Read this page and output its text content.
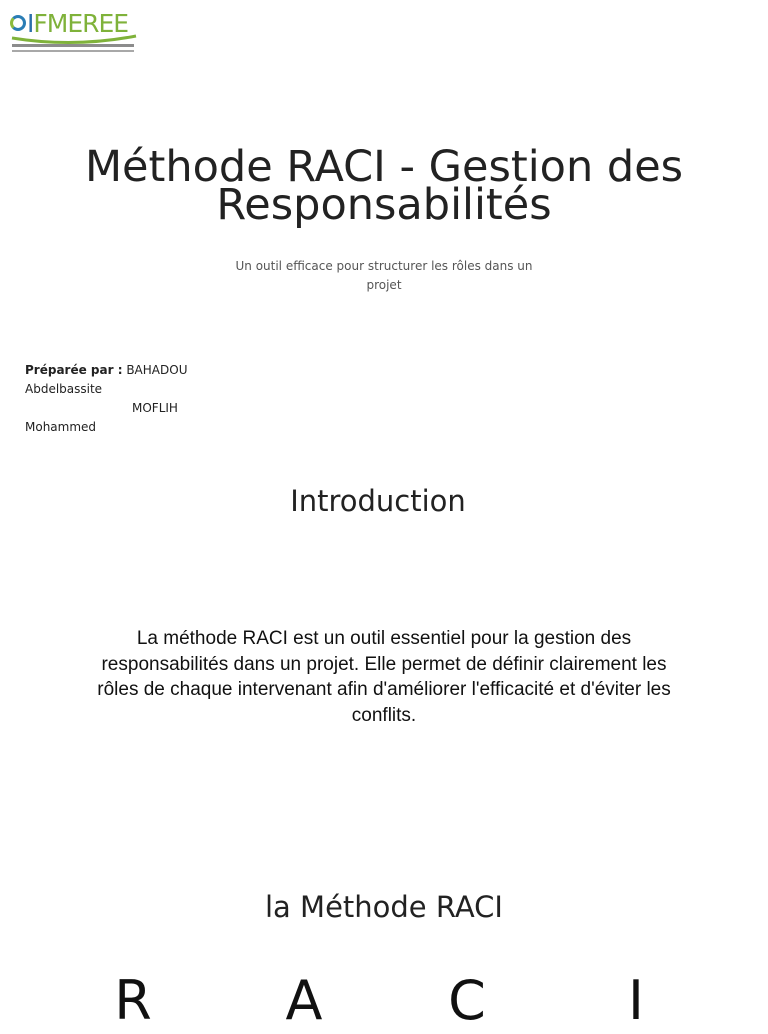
I FMEREE
Méthode RACI - Gestion des Responsabilités

Un outil efficace pour structurer les rôles dans un projet

Préparée par : BAHADOU
Abdelbassite
MOFLIH
Mohammed
Introduction

La méthode RACI est un outil essentiel pour la gestion des responsabilités dans un projet. Elle permet de définir clairement les rôles de chaque intervenant afin d'améliorer l'efficacité et d'éviter les conflits.

la Méthode RACI
R	A	C	I
